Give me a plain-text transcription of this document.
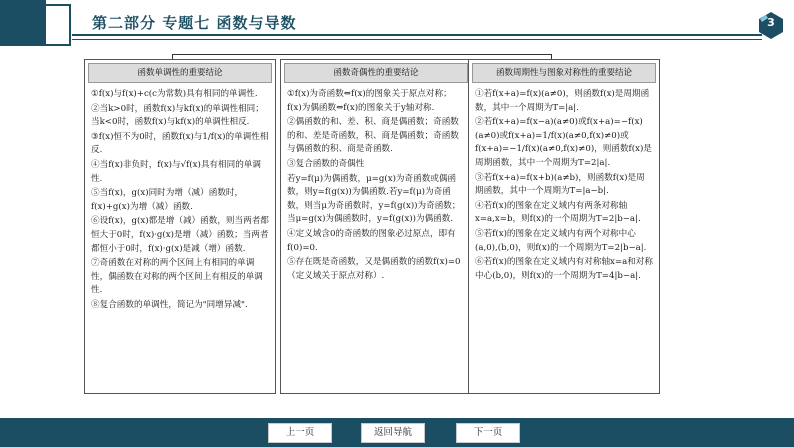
第二部分 专题七 函数与导数	3
函数单调性的重要结论
①f(x)与f(x)+c(c为常数)具有相同的单调性.
②当k>0时，函数f(x)与kf(x)的单调性相同；当k<0时，函数f(x)与kf(x)的单调性相反.
③f(x)恒不为0时，函数f(x)与1/f(x)的单调性相反.
④当f(x)非负时，f(x)与√f(x)具有相同的单调性.
⑤当f(x)，g(x)同时为增（减）函数时，f(x)+g(x)为增（减）函数.
⑥设f(x)，g(x)都是增（减）函数，则当两者都恒大于0时，f(x)·g(x)是增（减）函数；当两者都恒小于0时，f(x)·g(x)是减（增）函数.
⑦奇函数在对称的两个区间上有相同的单调性，偶函数在对称的两个区间上有相反的单调性.
⑧复合函数的单调性，简记为"同增异减".
函数奇偶性的重要结论
①f(x)为奇函数⇔f(x)的图象关于原点对称；f(x)为偶函数⇔f(x)的图象关于y轴对称.
②偶函数的和、差、积、商是偶函数；奇函数的和、差是奇函数，积、商是偶函数；奇函数与偶函数的积、商是奇函数.
③复合函数的奇偶性
若y=f(μ)为偶函数，μ=g(x)为奇函数或偶函数，则y=f(g(x))为偶函数.若y=f(μ)为奇函数，则当μ为奇函数时，y=f(g(x))为奇函数；当μ=g(x)为偶函数时，y=f(g(x))为偶函数.
④定义域含0的奇函数的图象必过原点，即有f(0)=0.
⑤存在既是奇函数，又是偶函数的函数f(x)=0（定义域关于原点对称）.
函数周期性与图象对称性的重要结论
①若f(x+a)=f(x)(a≠0)，则函数f(x)是周期函数，其中一个周期为T=|a|.
②若f(x+a)=f(x−a)(a≠0)或f(x+a)=−f(x)(a≠0)或f(x+a)=1/f(x)(a≠0,f(x)≠0)或f(x+a)=−1/f(x)(a≠0,f(x)≠0)，则函数f(x)是周期函数，其中一个周期为T=2|a|.
③若f(x+a)=f(x+b)(a≠b)，则函数f(x)是周期函数，其中一个周期为T=|a−b|.
④若f(x)的图象在定义域内有两条对称轴x=a,x=b，则f(x)的一个周期为T=2|b−a|.
⑤若f(x)的图象在定义域内有两个对称中心(a,0),(b,0)，则f(x)的一个周期为T=2|b−a|.
⑥若f(x)的图象在定义域内有对称轴x=a和对称中心(b,0)，则f(x)的一个周期为T=4|b−a|.
上一页	返回导航	下一页
